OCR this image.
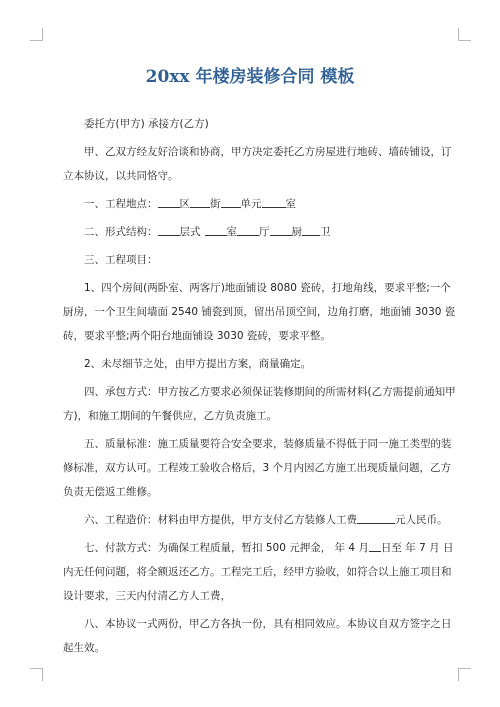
20xx 年楼房装修合同 模板

委托方(甲方) 承接方(乙方)

甲、乙双方经友好洽谈和协商，甲方决定委托乙方房屋进行地砖、墙砖铺设，订
立本协议，以共同恪守。

一、工程地点： 区 街 单元 室

二、形式结构： 层式 室 厅 厨 卫

三、工程项目：

1、四个房间(两卧室、两客厅)地面铺设 8080 瓷砖，打地角线，要求平整;一个
厨房，一个卫生间墙面 2540 铺瓷到顶，留出吊顶空间，边角打磨，地面铺 3030 瓷
砖，要求平整;两个阳台地面铺设 3030 瓷砖，要求平整。

2、未尽细节之处，由甲方提出方案，商量确定。

四、承包方式：甲方按乙方要求必须保证装修期间的所需材料(乙方需提前通知甲
方)，和施工期间的午餐供应，乙方负责施工。

五、质量标准：施工质量要符合安全要求，装修质量不得低于同一施工类型的装
修标准，双方认可。工程竣工验收合格后，3 个月内因乙方施工出现质量问题，乙方
负责无偿返工维修。

六、工程造价：材料由甲方提供，甲方支付乙方装修人工费	元人民币。

七、付款方式：为确保工程质量，暂扣 500 元押金， 年 4 月 日至 年 7 月 日
内无任何问题，将全额返还乙方。工程完工后，经甲方验收，如符合以上施工项目和
设计要求，三天内付清乙方人工费，

八、本协议一式两份，甲乙方各执一份，具有相同效应。本协议自双方签字之日
起生效。
